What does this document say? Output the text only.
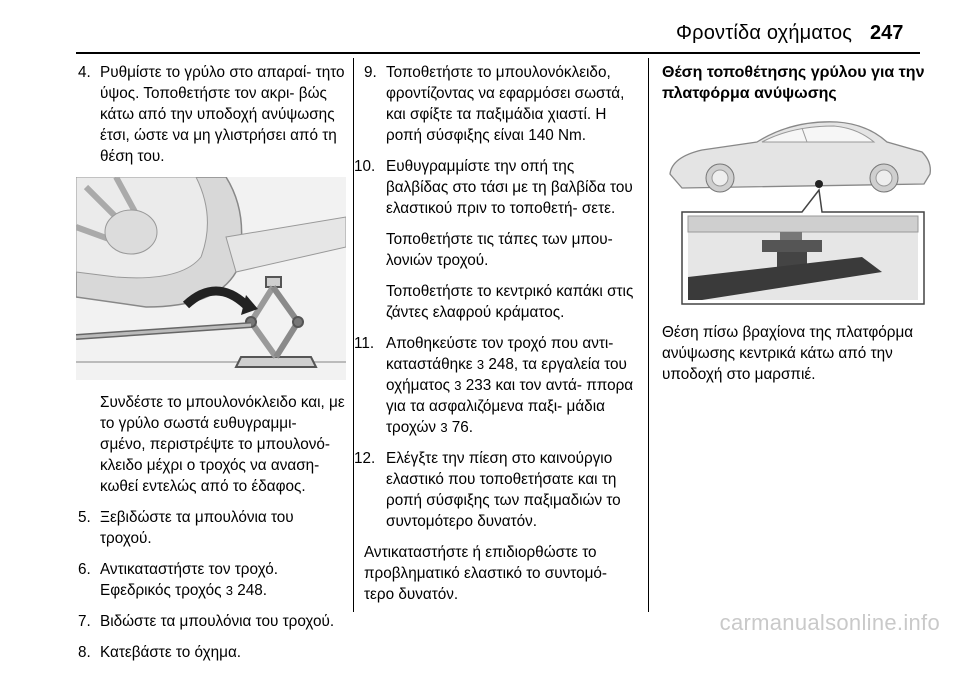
Φροντίδα οχήματος 247
4. Ρυθμίστε το γρύλο στο απαραί- τητο ύψος. Τοποθετήστε τον ακρι- βώς κάτω από την υποδοχή ανύψωσης έτσι, ώστε να μη γλιστρήσει από τη θέση του.
Συνδέστε το μπουλονόκλειδο και, με το γρύλο σωστά ευθυγραμμι- σμένο, περιστρέψτε το μπουλονό- κλειδο μέχρι ο τροχός να αναση- κωθεί εντελώς από το έδαφος.
5. Ξεβιδώστε τα μπουλόνια του τροχού.
6. Αντικαταστήστε τον τροχό.
Εφεδρικός τροχός 3 248.
7. Βιδώστε τα μπουλόνια του τροχού.
8. Κατεβάστε το όχημα.
9. Τοποθετήστε το μπουλονόκλειδο, φροντίζοντας να εφαρμόσει σωστά, και σφίξτε τα παξιμάδια χιαστί. Η ροπή σύσφιξης είναι 140 Nm.
10. Ευθυγραμμίστε την οπή της βαλβίδας στο τάσι με τη βαλβίδα του ελαστικού πριν το τοποθετή- σετε.
Τοποθετήστε τις τάπες των μπου- λονιών τροχού.
Τοποθετήστε το κεντρικό καπάκι στις ζάντες ελαφρού κράματος.
11. Αποθηκεύστε τον τροχό που αντι- καταστάθηκε 3 248, τα εργαλεία του οχήματος 3 233 και τον αντά- ππορα για τα ασφαλιζόμενα παξι- μάδια τροχών 3 76.
12. Ελέγξτε την πίεση στο καινούργιο ελαστικό που τοποθετήσατε και τη ροπή σύσφιξης των παξιμαδιών το συντομότερο δυνατόν.
Αντικαταστήστε ή επιδιορθώστε το προβληματικό ελαστικό το συντομό- τερο δυνατόν.
Θέση τοποθέτησης γρύλου για την πλατφόρμα ανύψωσης
Θέση πίσω βραχίονα της πλατφόρμα ανύψωσης κεντρικά κάτω από την υποδοχή στο μαρσπιέ.
carmanualsonline.info
